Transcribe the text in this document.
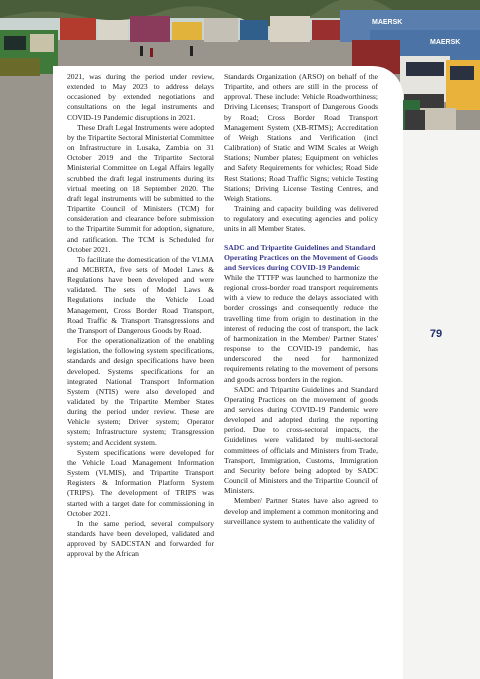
MAERSK
MAERSK

2021, was during the period under review, extended to May 2023 to address delays occasioned by extended negotiations and consultations on the legal instruments and COVID-19 Pandemic disruptions in 2021.

These Draft Legal Instruments were adopted by the Tripartite Sectoral Ministerial Committee on Infrastructure in Lusaka, Zambia on 31 October 2019 and the Tripartite Sectoral Ministerial Committee on Legal Affairs legally scrubbed the draft legal instruments during its virtual meeting on 18 September 2020. The draft legal instruments will be submitted to the Tripartite Council of Ministers (TCM) for consideration and clearance before submission to the Tripartite Summit for adoption, signature, and ratification. The TCM is Scheduled for October 2021.

To facilitate the domestication of the VLMA and MCBRTA, five sets of Model Laws & Regulations have been developed and were validated. The sets of Model Laws & Regulations include the Vehicle Load Management, Cross Border Road Transport, Road Traffic & Transport Transgressions and the Transport of Dangerous Goods by Road.

For the operationalization of the enabling legislation, the following system specifications, standards and design specifications have been developed. Systems specifications for an integrated National Transport Information System (NTIS) were also developed and validated by the Tripartite Member States during the period under review. These are Vehicle system; Driver system; Operator system; Infrastructure system; Transgression system; and Accident system.

System specifications were developed for the Vehicle Load Management Information System (VLMIS), and Tripartite Transport Registers & Information Platform System (TRIPS). The development of TRIPS was started with a target date for commissioning in October 2021.

In the same period, several compulsory standards have been developed, validated and approved by SADCSTAN and forwarded for approval by the African

Standards Organization (ARSO) on behalf of the Tripartite, and others are still in the process of approval. These include: Vehicle Roadworthiness; Driving Licenses; Transport of Dangerous Goods by Road; Cross Border Road Transport Management System (XB-RTMS); Accreditation of Weigh Stations and Verification (incl Calibration) of Static and WIM Scales at Weigh Stations; Number plates; Equipment on vehicles and Safety Requirements for vehicles; Road Side Rest Stations; Road Traffic Signs; vehicle Testing Stations; Driving License Testing Centres, and Weigh Stations.

Training and capacity building was delivered to regulatory and executing agencies and policy units in all Member States.

SADC and Tripartite Guidelines and Standard Operating Practices on the Movement of Goods and Services during COVID-19 Pandemic

While the TTTFP was launched to harmonize the regional cross-border road transport requirements with a view to reduce the delays associated with border crossings and consequently reduce the travelling time from origin to destination in the interest of reducing the cost of transport, the lack of harmonization in the Member/ Partner States' response to the COVID-19 pandemic, has underscored the need for harmonized requirements relating to the movement of persons and goods across borders in the region.

SADC and Tripartite Guidelines and Standard Operating Practices on the movement of goods and services during COVID-19 Pandemic were developed and adopted during the reporting period. Due to cross-sectoral impacts, the Guidelines were validated by multi-sectoral committees of officials and Ministers from Trade, Transport, Immigration, Customs, Immigration and Security before being adopted by SADC Council of Ministers and the Tripartite Council of Ministers.

Member/ Partner States have also agreed to develop and implement a common monitoring and surveillance system to authenticate the validity of

79
